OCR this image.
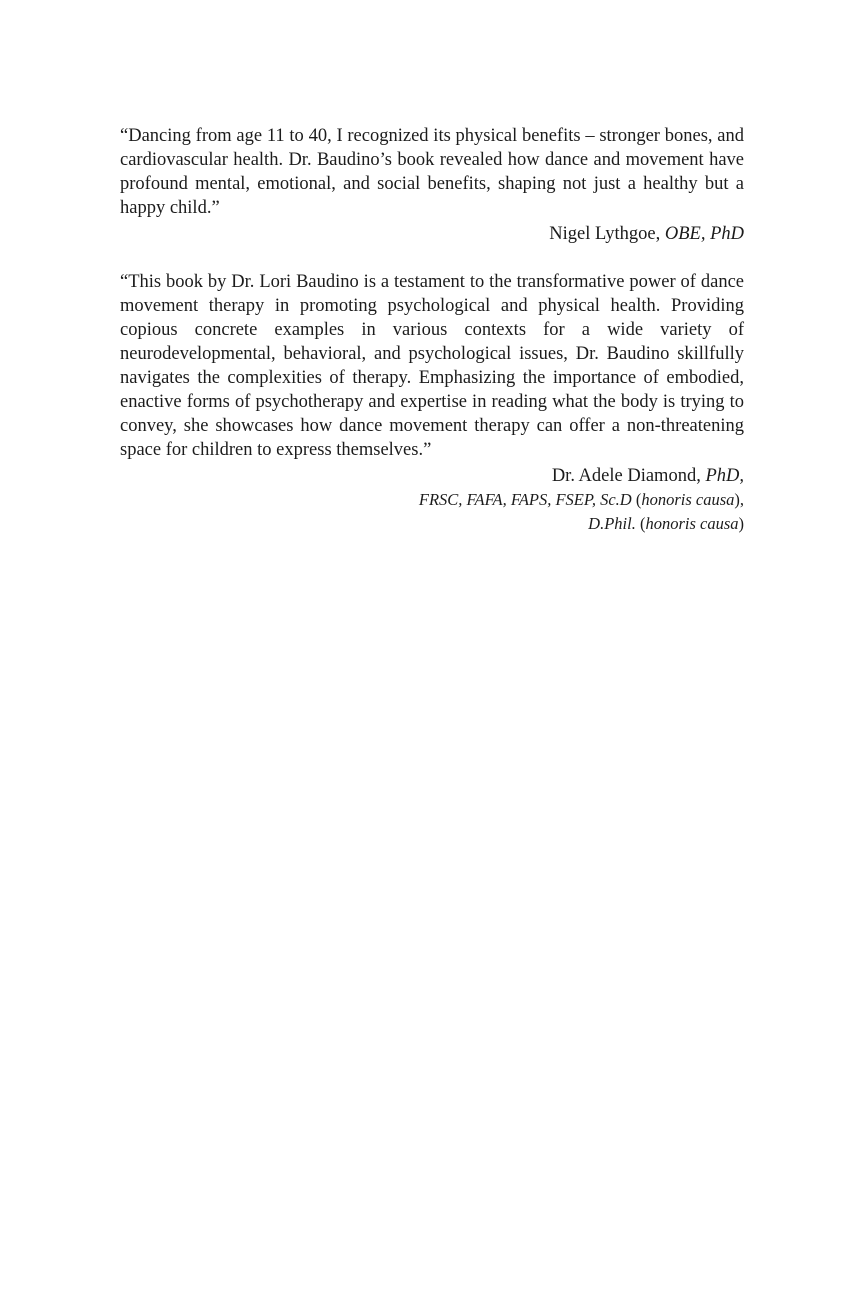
“Dancing from age 11 to 40, I recognized its physical benefits – stronger bones, and cardiovascular health. Dr. Baudino’s book revealed how dance and movement have profound mental, emotional, and social benefits, shaping not just a healthy but a happy child.”

Nigel Lythgoe, OBE, PhD

“This book by Dr. Lori Baudino is a testament to the transformative power of dance movement therapy in promoting psychological and physical health. Providing copious concrete examples in various contexts for a wide variety of neurodevelopmental, behavioral, and psychological issues, Dr. Baudino skillfully navigates the complexities of therapy. Emphasizing the importance of embodied, enactive forms of psychotherapy and expertise in reading what the body is trying to convey, she showcases how dance movement therapy can offer a non-threatening space for children to express themselves.”

Dr. Adele Diamond, PhD,
FRSC, FAFA, FAPS, FSEP, Sc.D (honoris causa),
D.Phil. (honoris causa)
